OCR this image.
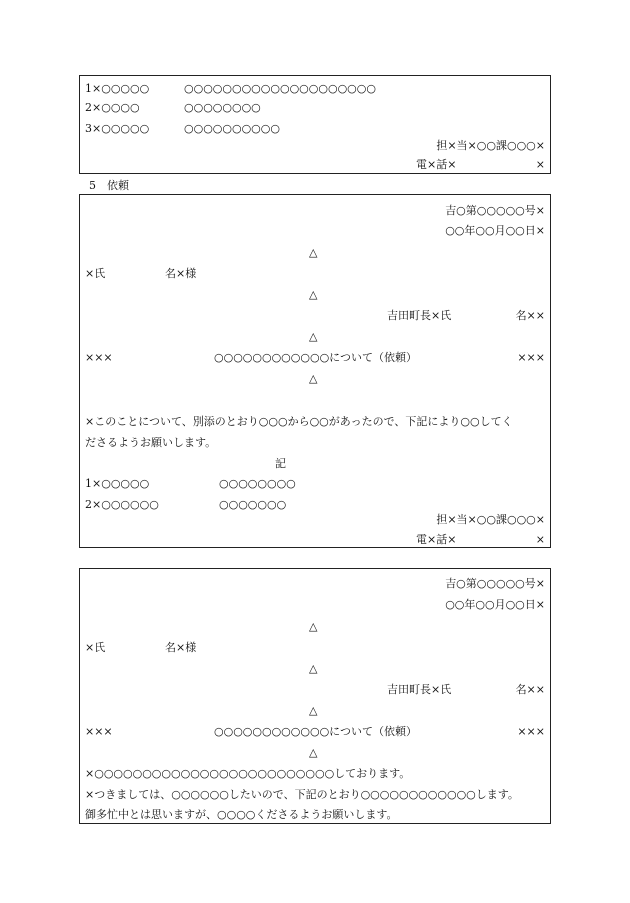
1×○○○○○	○○○○○○○○○○○○○○○○○○○○
2×○○○○	○○○○○○○○
3×○○○○○	○○○○○○○○○○
担×当×○○課○○○×
電×話×	×
5　依頼
吉○第○○○○○号×
○○年○○月○○日×
△
×氏	名×様
△
吉田町長×氏	名××
△
×××	○○○○○○○○○○○○について（依頼）	×××
△
×このことについて、別添のとおり○○○から○○があったので、下記により○○してく
ださるようお願いします。
記
1×○○○○○	○○○○○○○○
2×○○○○○○	○○○○○○○
担×当×○○課○○○×
電×話×	×
吉○第○○○○○号×
○○年○○月○○日×
△
×氏	名×様
△
吉田町長×氏	名××
△
×××	○○○○○○○○○○○○について（依頼）	×××
△
×○○○○○○○○○○○○○○○○○○○○○○○○○しております。
×つきましては、○○○○○○したいので、下記のとおり○○○○○○○○○○○○します。
御多忙中とは思いますが、○○○○くださるようお願いします。
